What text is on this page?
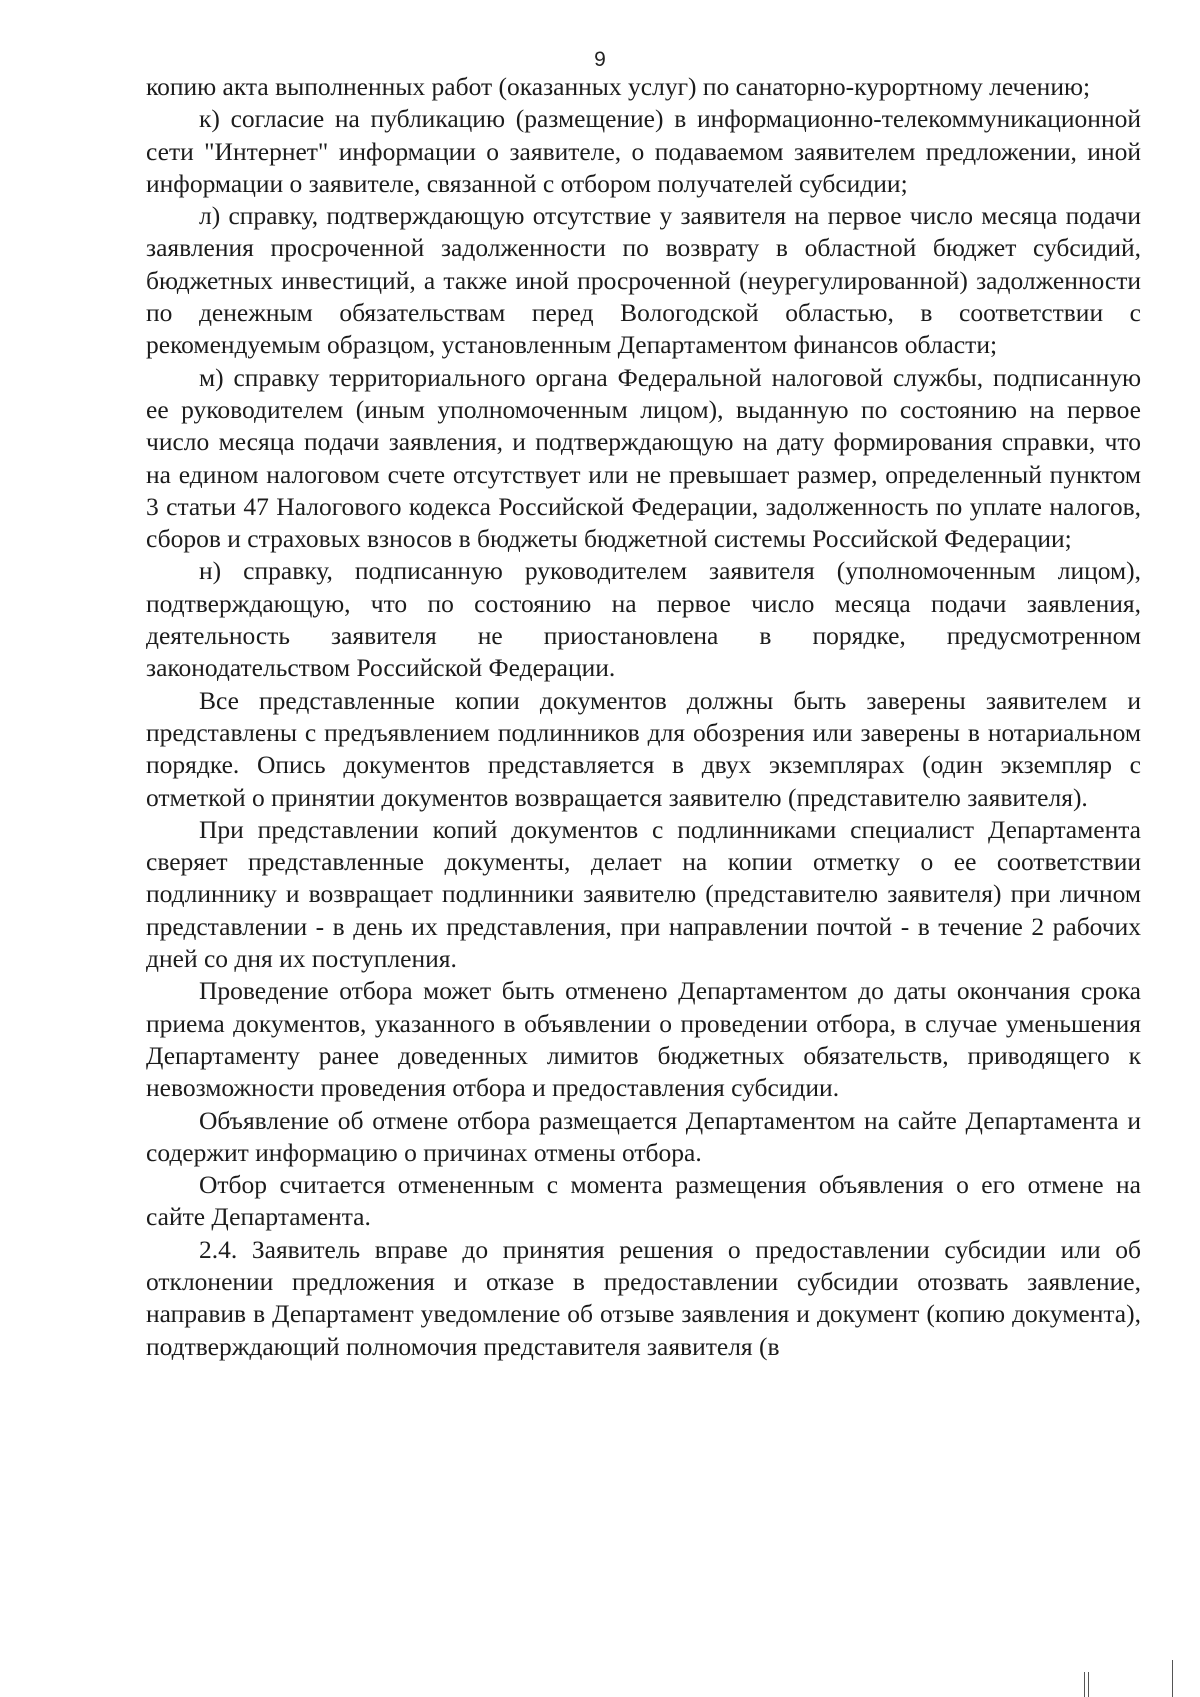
9

копию акта выполненных работ (оказанных услуг) по санаторно-курортному лечению;

к) согласие на публикацию (размещение) в информационно-телекоммуникационной сети "Интернет" информации о заявителе, о подаваемом заявителем предложении, иной информации о заявителе, связанной с отбором получателей субсидии;

л) справку, подтверждающую отсутствие у заявителя на первое число месяца подачи заявления просроченной задолженности по возврату в областной бюджет субсидий, бюджетных инвестиций, а также иной просроченной (неурегулированной) задолженности по денежным обязательствам перед Вологодской областью, в соответствии с рекомендуемым образцом, установленным Департаментом финансов области;

м) справку территориального органа Федеральной налоговой службы, подписанную ее руководителем (иным уполномоченным лицом), выданную по состоянию на первое число месяца подачи заявления, и подтверждающую на дату формирования справки, что на едином налоговом счете отсутствует или не превышает размер, определенный пунктом 3 статьи 47 Налогового кодекса Российской Федерации, задолженность по уплате налогов, сборов и страховых взносов в бюджеты бюджетной системы Российской Федерации;

н) справку, подписанную руководителем заявителя (уполномоченным лицом), подтверждающую, что по состоянию на первое число месяца подачи заявления, деятельность заявителя не приостановлена в порядке, предусмотренном законодательством Российской Федерации.

Все представленные копии документов должны быть заверены заявителем и представлены с предъявлением подлинников для обозрения или заверены в нотариальном порядке. Опись документов представляется в двух экземплярах (один экземпляр с отметкой о принятии документов возвращается заявителю (представителю заявителя).

При представлении копий документов с подлинниками специалист Департамента сверяет представленные документы, делает на копии отметку о ее соответствии подлиннику и возвращает подлинники заявителю (представителю заявителя) при личном представлении - в день их представления, при направлении почтой - в течение 2 рабочих дней со дня их поступления.

Проведение отбора может быть отменено Департаментом до даты окончания срока приема документов, указанного в объявлении о проведении отбора, в случае уменьшения Департаменту ранее доведенных лимитов бюджетных обязательств, приводящего к невозможности проведения отбора и предоставления субсидии.

Объявление об отмене отбора размещается Департаментом на сайте Департамента и содержит информацию о причинах отмены отбора.

Отбор считается отмененным с момента размещения объявления о его отмене на сайте Департамента.

2.4. Заявитель вправе до принятия решения о предоставлении субсидии или об отклонении предложения и отказе в предоставлении субсидии отозвать заявление, направив в Департамент уведомление об отзыве заявления и документ (копию документа), подтверждающий полномочия представителя заявителя (в
